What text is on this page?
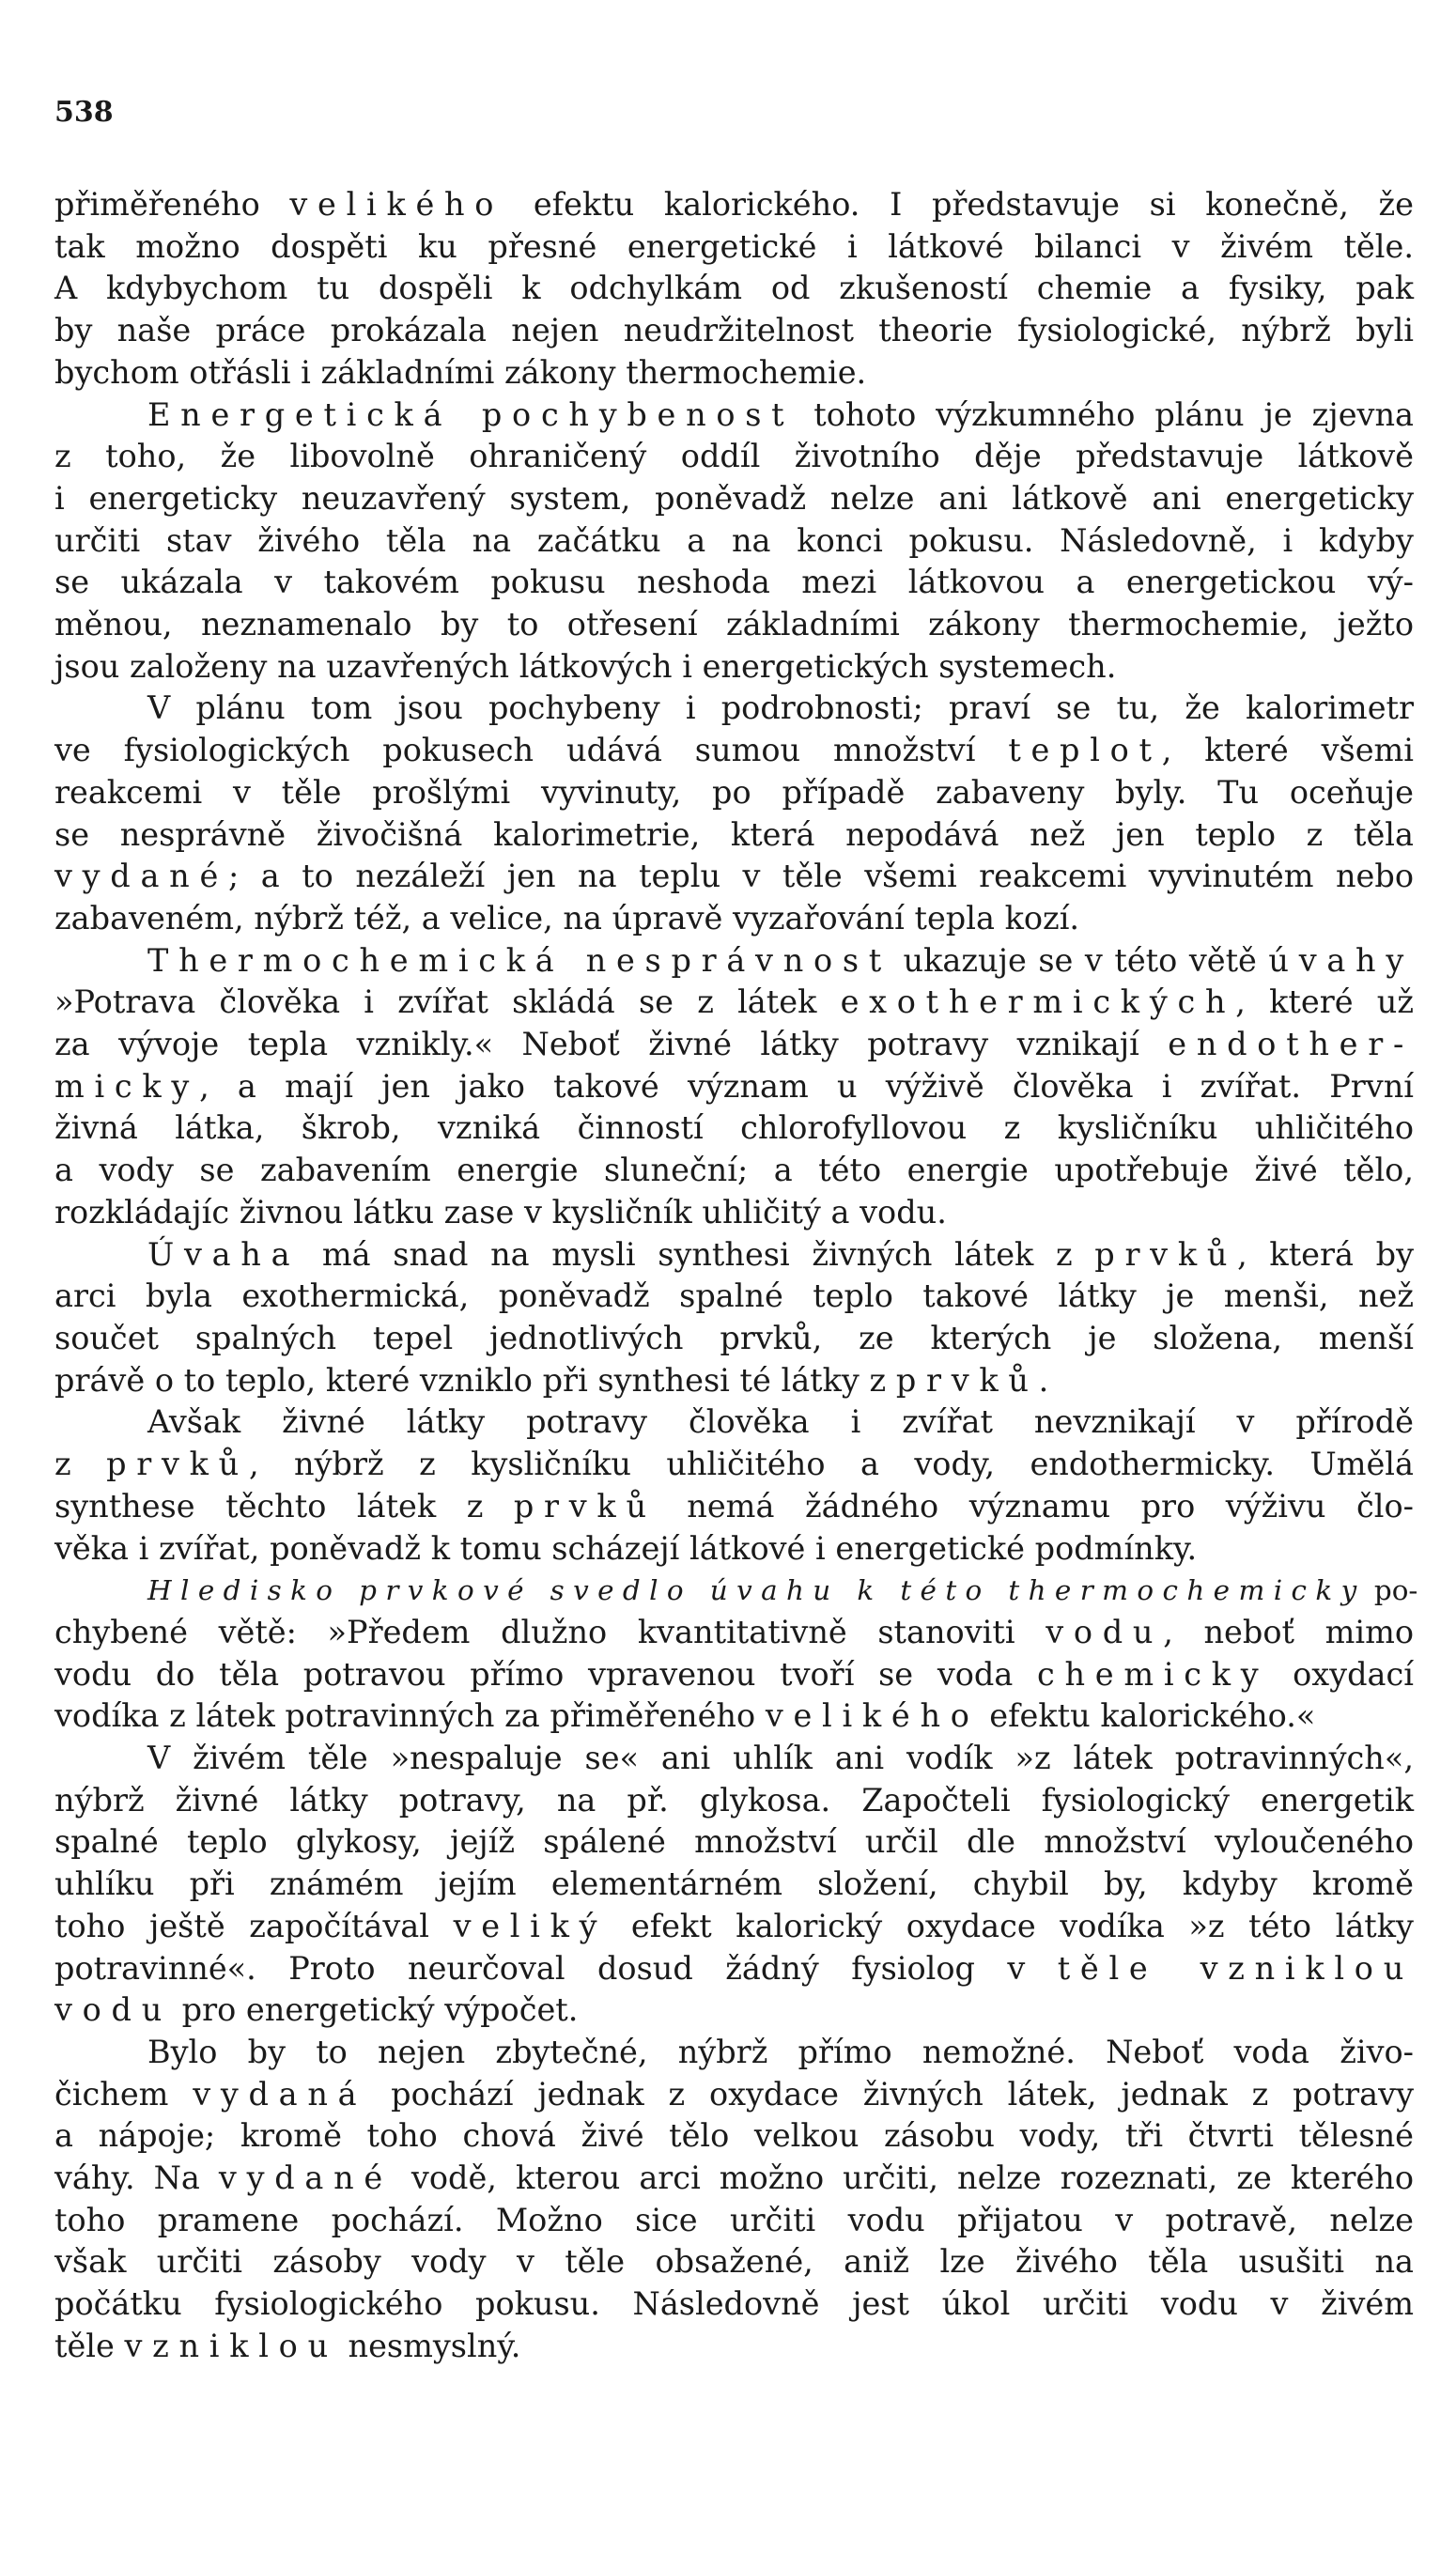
538
přiměřeného velikého efektu kalorického. I představuje si konečně, že
tak možno dospěti ku přesné energetické i látkové bilanci v živém těle.
A kdybychom tu dospěli k odchylkám od zkušeností chemie a fysiky, pak
by naše práce prokázala nejen neudržitelnost theorie fysiologické, nýbrž byli
bychom otřásli i základními zákony thermochemie.
Energetická pochybenost tohoto výzkumného plánu je zjevna
z toho, že libovolně ohraničený oddíl životního děje představuje látkově
i energeticky neuzavřený system, poněvadž nelze ani látkově ani energeticky
určiti stav živého těla na začátku a na konci pokusu. Následovně, i kdyby
se ukázala v takovém pokusu neshoda mezi látkovou a energetickou vý-
měnou, neznamenalo by to otřesení základními zákony thermochemie, ježto
jsou založeny na uzavřených látkových i energetických systemech.
V plánu tom jsou pochybeny i podrobnosti; praví se tu, že kalorimetr
ve fysiologických pokusech udává sumou množství teplot, které všemi
reakcemi v těle prošlými vyvinuty, po případě zabaveny byly. Tu oceňuje
se nesprávně živočišná kalorimetrie, která nepodává než jen teplo z těla
vydané; a to nezáleží jen na teplu v těle všemi reakcemi vyvinutém nebo
zabaveném, nýbrž též, a velice, na úpravě vyzařování tepla kozí.
Thermochemická nesprávnost ukazuje se v této větě úvahy
»Potrava člověka i zvířat skládá se z látek exothermických, které už
za vývoje tepla vznikly.« Neboť živné látky potravy vznikají endother-
micky, a mají jen jako takové význam u výživě člověka i zvířat. První
živná látka, škrob, vzniká činností chlorofyllovou z kysličníku uhličitého
a vody se zabavením energie sluneční; a této energie upotřebuje živé tělo,
rozkládajíc živnou látku zase v kysličník uhličitý a vodu.
Úvaha má snad na mysli synthesi živných látek z prvků, která by
arci byla exothermická, poněvadž spalné teplo takové látky je menši, než
součet spalných tepel jednotlivých prvků, ze kterých je složena, menší
právě o to teplo, které vzniklo při synthesi té látky z prvků.
Avšak živné látky potravy člověka i zvířat nevznikají v přírodě
z prvků, nýbrž z kysličníku uhličitého a vody, endothermicky. Umělá
synthese těchto látek z prvků nemá žádného významu pro výživu člo-
věka i zvířat, poněvadž k tomu scházejí látkové i energetické podmínky.
Hledisko prvkové svedlo úvahu k této thermochemicky po-
chybené větě: »Předem dlužno kvantitativně stanoviti vodu, neboť mimo
vodu do těla potravou přímo vpravenou tvoří se voda chemicky oxydací
vodíka z látek potravinných za přiměřeného velikého efektu kalorického.«
V živém těle »nespaluje se« ani uhlík ani vodík »z látek potravinných«,
nýbrž živné látky potravy, na př. glykosa. Započteli fysiologický energetik
spalné teplo glykosy, jejíž spálené množství určil dle množství vyloučeného
uhlíku při známém jejím elementárném složení, chybil by, kdyby kromě
toho ještě započítával veliký efekt kalorický oxydace vodíka »z této látky
potravinné«. Proto neurčoval dosud žádný fysiolog v těle vzniklou
vodu pro energetický výpočet.
Bylo by to nejen zbytečné, nýbrž přímo nemožné. Neboť voda živo-
čichem vydaná pochází jednak z oxydace živných látek, jednak z potravy
a nápoje; kromě toho chová živé tělo velkou zásobu vody, tři čtvrti tělesné
váhy. Na vydané vodě, kterou arci možno určiti, nelze rozeznati, ze kterého
toho pramene pochází. Možno sice určiti vodu přijatou v potravě, nelze
však určiti zásoby vody v těle obsažené, aniž lze živého těla usušiti na
počátku fysiologického pokusu. Následovně jest úkol určiti vodu v živém
těle vzniklou nesmyslný.
